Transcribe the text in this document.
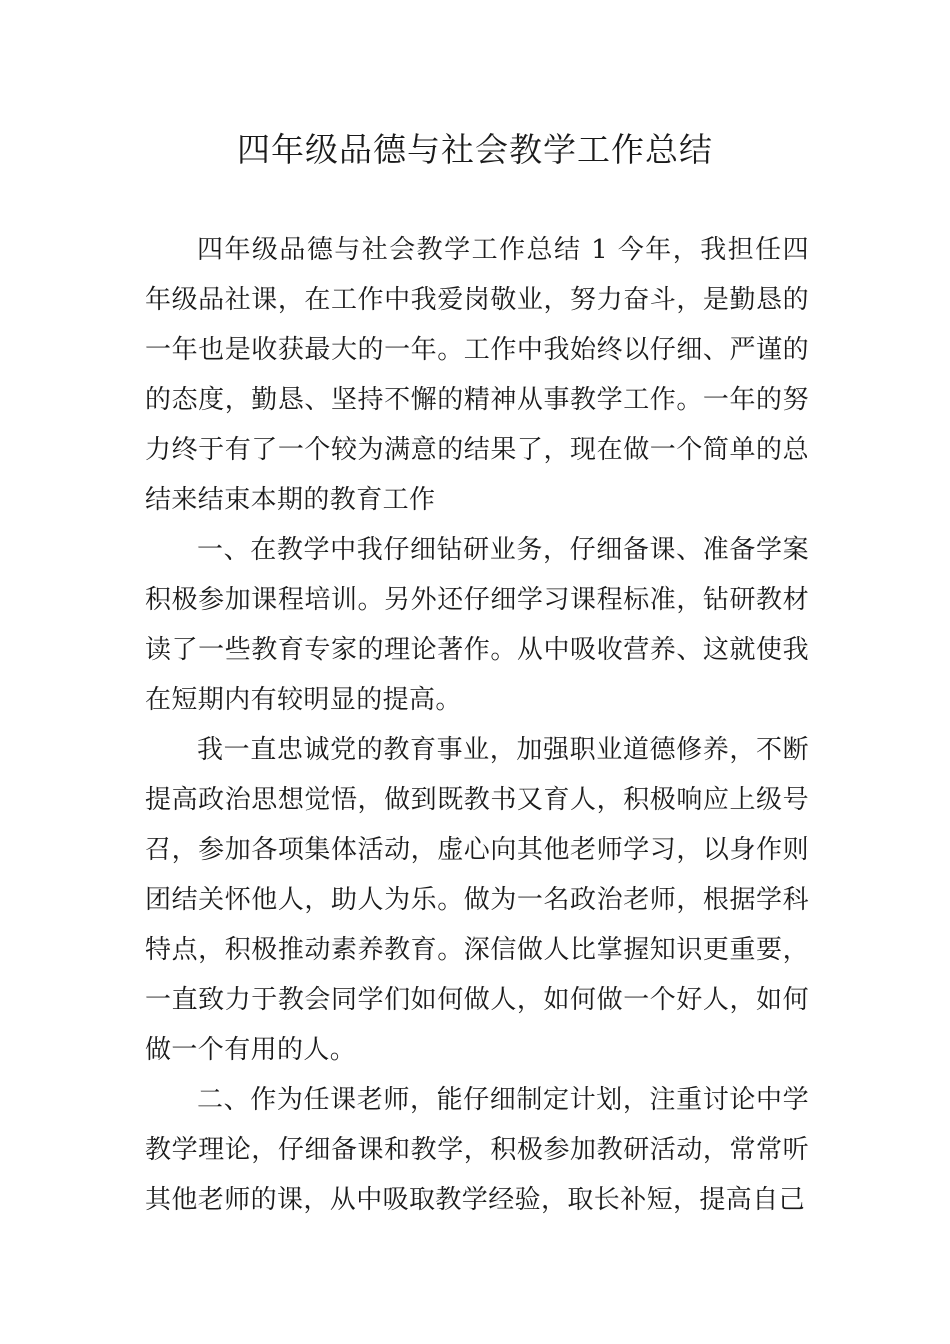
四年级品德与社会教学工作总结

四年级品德与社会教学工作总结 1 今年，我担任四年级品社课，在工作中我爱岗敬业，努力奋斗，是勤恳的一年也是收获最大的一年。工作中我始终以仔细、严谨的的态度，勤恳、坚持不懈的精神从事教学工作。一年的努力终于有了一个较为满意的结果了，现在做一个简单的总结来结束本期的教育工作

一、在教学中我仔细钻研业务，仔细备课、准备学案积极参加课程培训。另外还仔细学习课程标准，钻研教材读了一些教育专家的理论著作。从中吸收营养、这就使我在短期内有较明显的提高。

我一直忠诚党的教育事业，加强职业道德修养，不断提高政治思想觉悟，做到既教书又育人，积极响应上级号召，参加各项集体活动，虚心向其他老师学习，以身作则团结关怀他人，助人为乐。做为一名政治老师，根据学科特点，积极推动素养教育。深信做人比掌握知识更重要，一直致力于教会同学们如何做人，如何做一个好人，如何做一个有用的人。

二、作为任课老师，能仔细制定计划，注重讨论中学教学理论，仔细备课和教学，积极参加教研活动，常常听其他老师的课，从中吸取教学经验，取长补短，提高自己
